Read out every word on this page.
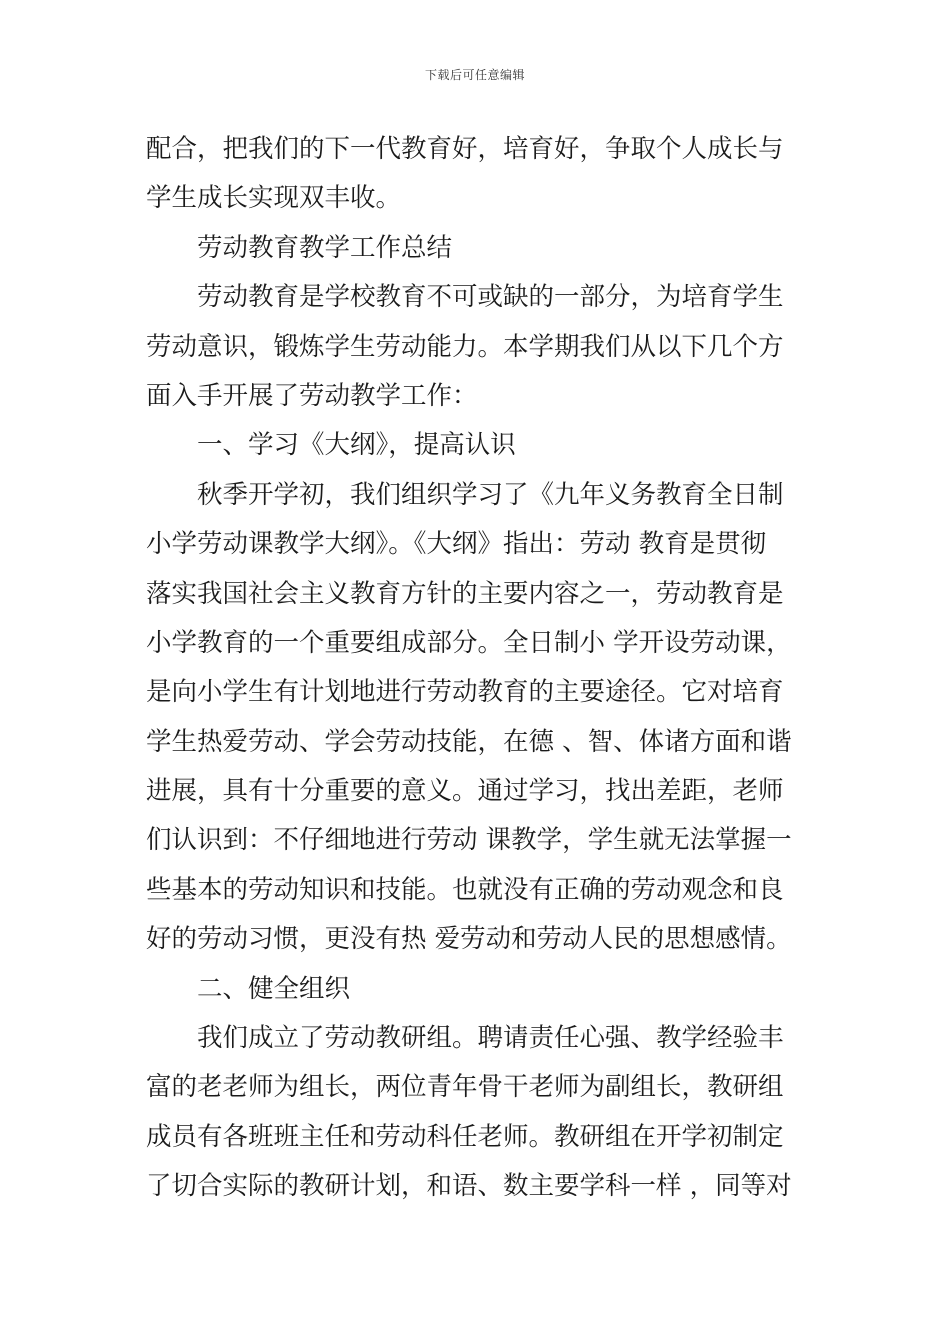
下载后可任意编辑
配合，把我们的下一代教育好，培育好，争取个人成长与
学生成长实现双丰收。
劳动教育教学工作总结
劳动教育是学校教育不可或缺的一部分，为培育学生
劳动意识，锻炼学生劳动能力。本学期我们从以下几个方
面入手开展了劳动教学工作：
一、学习《大纲》，提高认识
秋季开学初，我们组织学习了《九年义务教育全日制
小学劳动课教学大纲》。《大纲》指出：劳动 教育是贯彻
落实我国社会主义教育方针的主要内容之一，劳动教育是
小学教育的一个重要组成部分。全日制小 学开设劳动课，
是向小学生有计划地进行劳动教育的主要途径。它对培育
学生热爱劳动、学会劳动技能，在德 、智、体诸方面和谐
进展，具有十分重要的意义。通过学习，找出差距，老师
们认识到：不仔细地进行劳动 课教学，学生就无法掌握一
些基本的劳动知识和技能。也就没有正确的劳动观念和良
好的劳动习惯，更没有热 爱劳动和劳动人民的思想感情。
二、健全组织
我们成立了劳动教研组。聘请责任心强、教学经验丰
富的老老师为组长，两位青年骨干老师为副组长，教研组
成员有各班班主任和劳动科任老师。教研组在开学初制定
了切合实际的教研计划，和语、数主要学科一样 ，同等对
